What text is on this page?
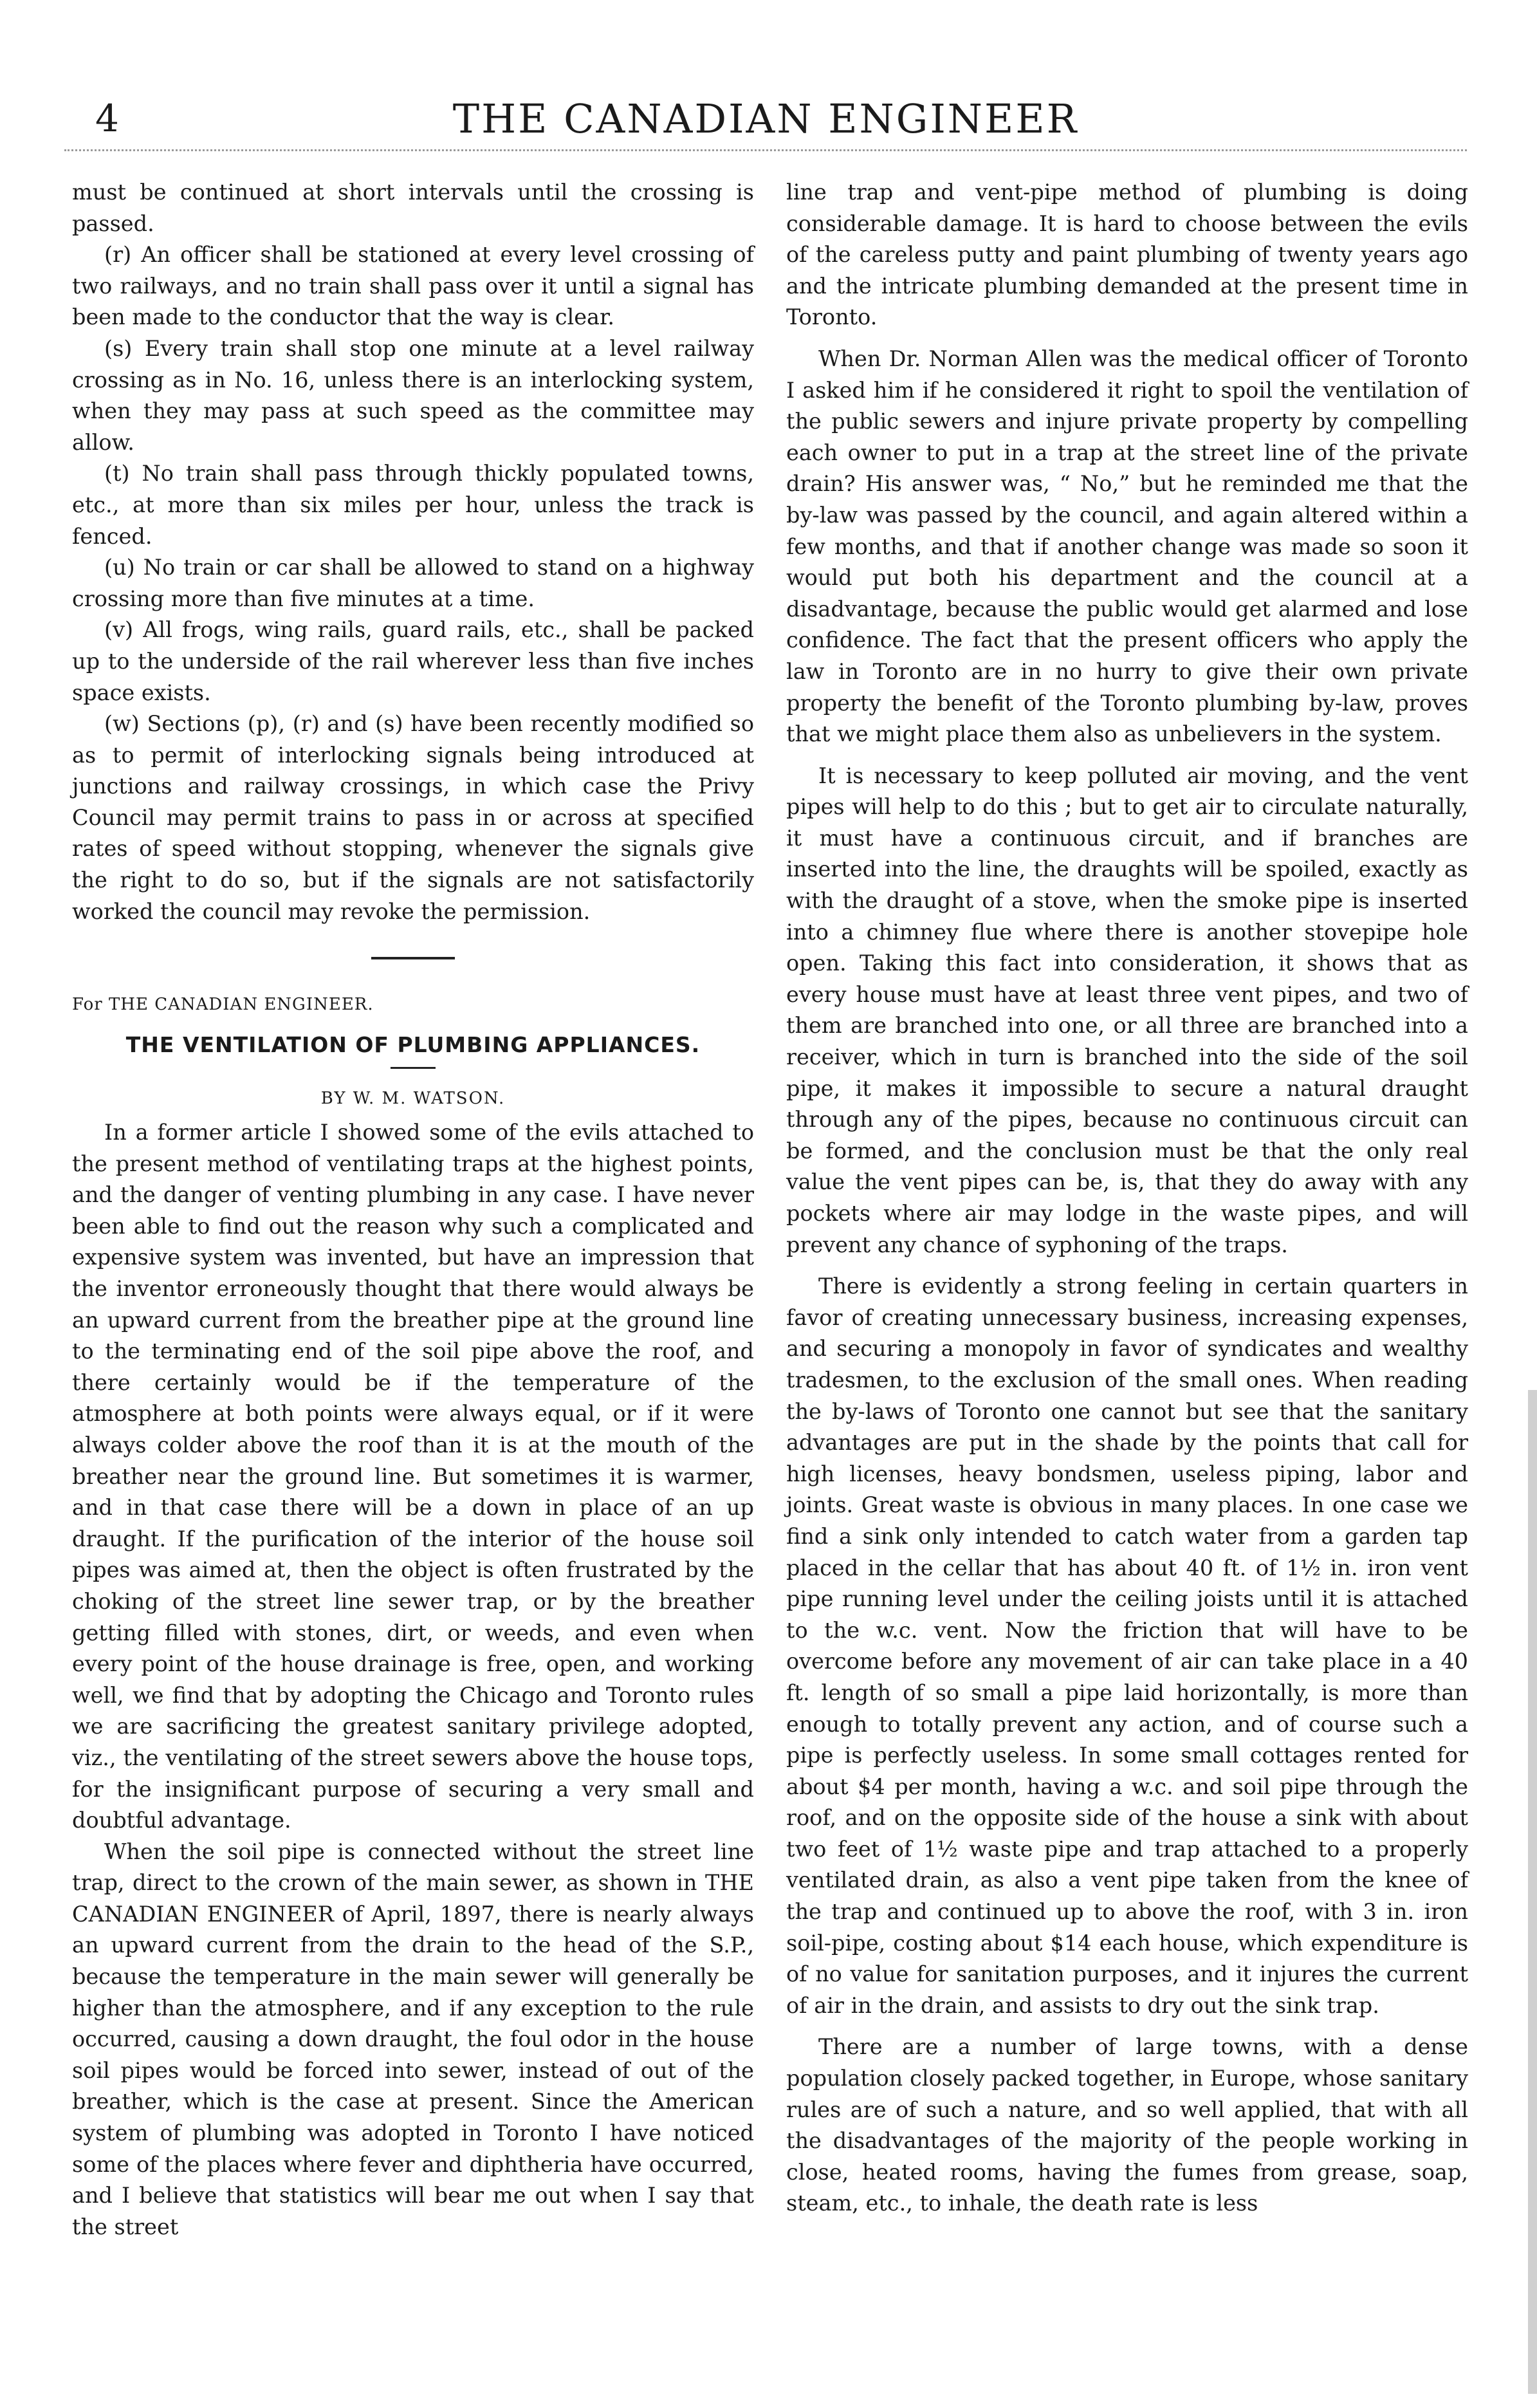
4	THE CANADIAN ENGINEER

must be continued at short intervals until the crossing is passed.

(r) An officer shall be stationed at every level crossing of two railways, and no train shall pass over it until a signal has been made to the conductor that the way is clear.

(s) Every train shall stop one minute at a level railway crossing as in No. 16, unless there is an interlocking system, when they may pass at such speed as the committee may allow.

(t) No train shall pass through thickly populated towns, etc., at more than six miles per hour, unless the track is fenced.

(u) No train or car shall be allowed to stand on a highway crossing more than five minutes at a time.

(v) All frogs, wing rails, guard rails, etc., shall be packed up to the underside of the rail wherever less than five inches space exists.

(w) Sections (p), (r) and (s) have been recently modified so as to permit of interlocking signals being introduced at junctions and railway crossings, in which case the Privy Council may permit trains to pass in or across at specified rates of speed without stopping, whenever the signals give the right to do so, but if the signals are not satisfactorily worked the council may revoke the permission.

For THE CANADIAN ENGINEER.

THE VENTILATION OF PLUMBING APPLIANCES.
BY W. M. WATSON.

In a former article I showed some of the evils attached to the present method of ventilating traps at the highest points, and the danger of venting plumbing in any case. I have never been able to find out the reason why such a complicated and expensive system was invented, but have an impression that the inventor erroneously thought that there would always be an upward current from the breather pipe at the ground line to the terminating end of the soil pipe above the roof, and there certainly would be if the temperature of the atmosphere at both points were always equal, or if it were always colder above the roof than it is at the mouth of the breather near the ground line. But sometimes it is warmer, and in that case there will be a down in place of an up draught. If the purification of the interior of the house soil pipes was aimed at, then the object is often frustrated by the choking of the street line sewer trap, or by the breather getting filled with stones, dirt, or weeds, and even when every point of the house drainage is free, open, and working well, we find that by adopting the Chicago and Toronto rules we are sacrificing the greatest sanitary privilege adopted, viz., the ventilating of the street sewers above the house tops, for the insignificant purpose of securing a very small and doubtful advantage.

When the soil pipe is connected without the street line trap, direct to the crown of the main sewer, as shown in THE CANADIAN ENGINEER of April, 1897, there is nearly always an upward current from the drain to the head of the S.P., because the temperature in the main sewer will generally be higher than the atmosphere, and if any exception to the rule occurred, causing a down draught, the foul odor in the house soil pipes would be forced into sewer, instead of out of the breather, which is the case at present. Since the American system of plumbing was adopted in Toronto I have noticed some of the places where fever and diphtheria have occurred, and I believe that statistics will bear me out when I say that the street

line trap and vent-pipe method of plumbing is doing considerable damage. It is hard to choose between the evils of the careless putty and paint plumbing of twenty years ago and the intricate plumbing demanded at the present time in Toronto.

When Dr. Norman Allen was the medical officer of Toronto I asked him if he considered it right to spoil the ventilation of the public sewers and injure private property by compelling each owner to put in a trap at the street line of the private drain? His answer was, “ No,” but he reminded me that the by-law was passed by the council, and again altered within a few months, and that if another change was made so soon it would put both his department and the council at a disadvantage, because the public would get alarmed and lose confidence. The fact that the present officers who apply the law in Toronto are in no hurry to give their own private property the benefit of the Toronto plumbing by-law, proves that we might place them also as unbelievers in the system.

It is necessary to keep polluted air moving, and the vent pipes will help to do this ; but to get air to circulate naturally, it must have a continuous circuit, and if branches are inserted into the line, the draughts will be spoiled, exactly as with the draught of a stove, when the smoke pipe is inserted into a chimney flue where there is another stovepipe hole open. Taking this fact into consideration, it shows that as every house must have at least three vent pipes, and two of them are branched into one, or all three are branched into a receiver, which in turn is branched into the side of the soil pipe, it makes it impossible to secure a natural draught through any of the pipes, because no continuous circuit can be formed, and the conclusion must be that the only real value the vent pipes can be, is, that they do away with any pockets where air may lodge in the waste pipes, and will prevent any chance of syphoning of the traps.

There is evidently a strong feeling in certain quarters in favor of creating unnecessary business, increasing expenses, and securing a monopoly in favor of syndicates and wealthy tradesmen, to the exclusion of the small ones. When reading the by-laws of Toronto one cannot but see that the sanitary advantages are put in the shade by the points that call for high licenses, heavy bondsmen, useless piping, labor and joints. Great waste is obvious in many places. In one case we find a sink only intended to catch water from a garden tap placed in the cellar that has about 40 ft. of 1½ in. iron vent pipe running level under the ceiling joists until it is attached to the w.c. vent. Now the friction that will have to be overcome before any movement of air can take place in a 40 ft. length of so small a pipe laid horizontally, is more than enough to totally prevent any action, and of course such a pipe is perfectly useless. In some small cottages rented for about $4 per month, having a w.c. and soil pipe through the roof, and on the opposite side of the house a sink with about two feet of 1½ waste pipe and trap attached to a properly ventilated drain, as also a vent pipe taken from the knee of the trap and continued up to above the roof, with 3 in. iron soil-pipe, costing about $14 each house, which expenditure is of no value for sanitation purposes, and it injures the current of air in the drain, and assists to dry out the sink trap.

There are a number of large towns, with a dense population closely packed together, in Europe, whose sanitary rules are of such a nature, and so well applied, that with all the disadvantages of the majority of the people working in close, heated rooms, having the fumes from grease, soap, steam, etc., to inhale, the death rate is less
